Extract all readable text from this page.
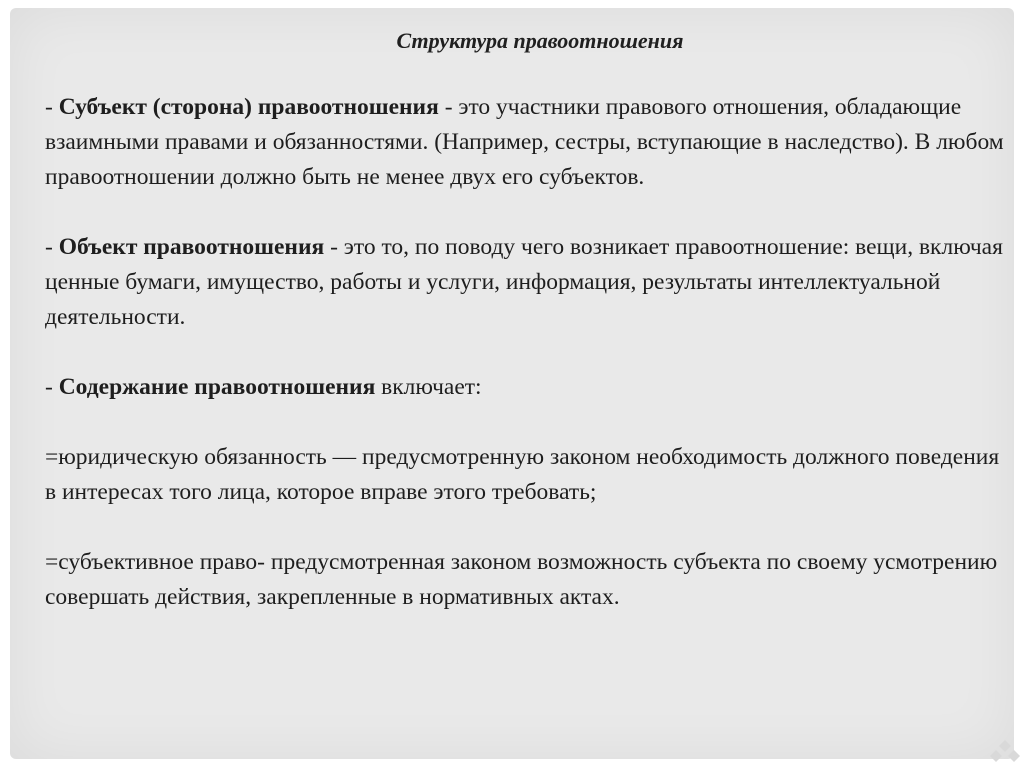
Структура правоотношения

- Субъект (сторона) правоотношения - это участники правового отношения, обладающие взаимными правами и обязанностями. (Например, сестры, вступающие в наследство). В любом правоотношении должно быть не менее двух его субъектов.

- Объект правоотношения - это то, по поводу чего возникает правоотношение: вещи, включая ценные бумаги, имущество, работы и услуги, информация, результаты интеллектуальной деятельности.

- Содержание правоотношения включает:

=юридическую обязанность — предусмотренную законом необходимость должного поведения в интересах того лица, которое вправе этого требовать;

=субъективное право- предусмотренная законом возможность субъекта по своему усмотрению совершать действия, закрепленные в нормативных актах.
